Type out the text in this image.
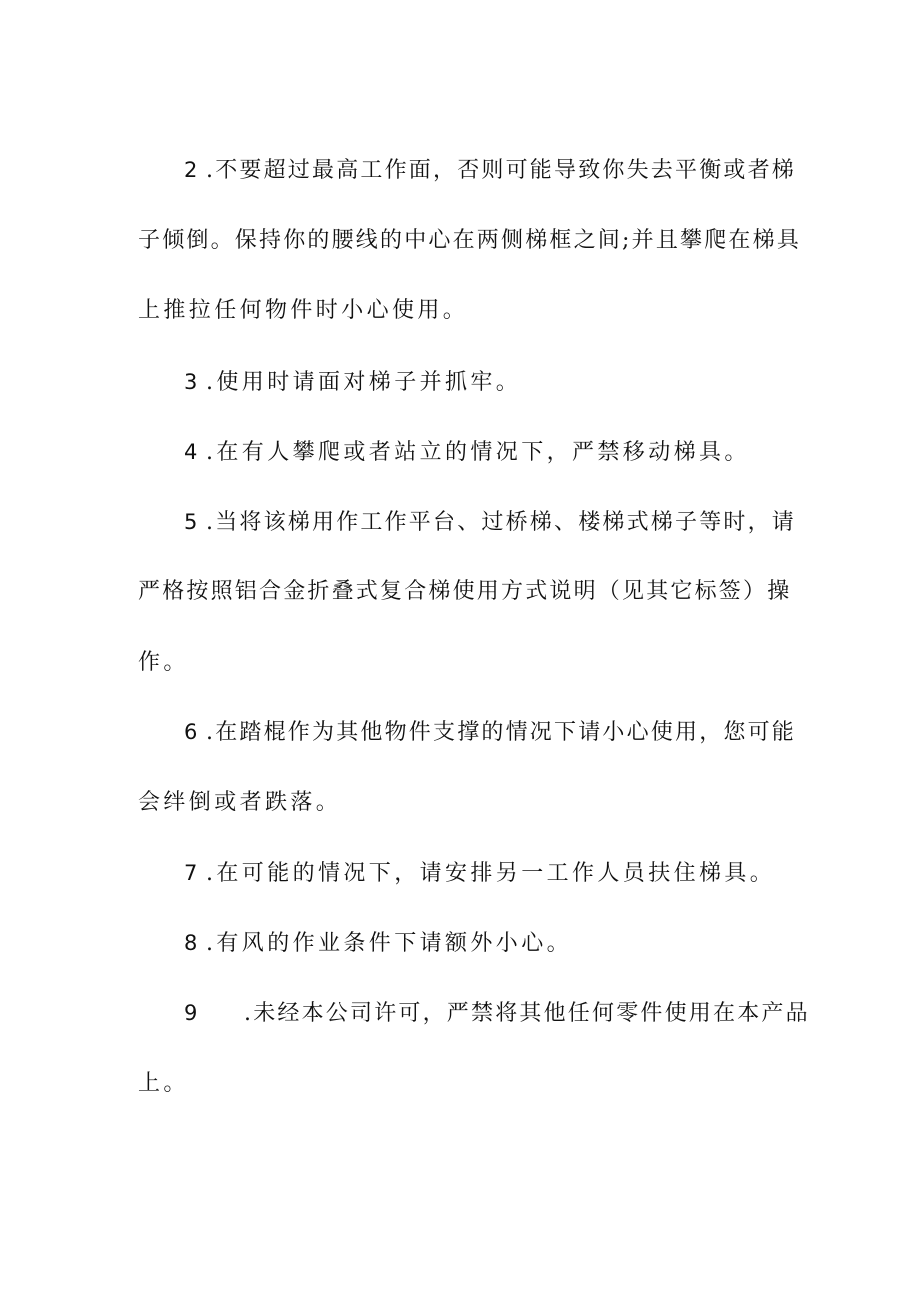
2 .不要超过最高工作面，否则可能导致你失去平衡或者梯
子倾倒。保持你的腰线的中心在两侧梯框之间;并且攀爬在梯具
上推拉任何物件时小心使用。
3 .使用时请面对梯子并抓牢。
4 .在有人攀爬或者站立的情况下，严禁移动梯具。
5 .当将该梯用作工作平台、过桥梯、楼梯式梯子等时，请
严格按照铝合金折叠式复合梯使用方式说明（见其它标签）操
作。
6 .在踏棍作为其他物件支撑的情况下请小心使用，您可能
会绊倒或者跌落。
7 .在可能的情况下，请安排另一工作人员扶住梯具。
8 .有风的作业条件下请额外小心。
9 .未经本公司许可，严禁将其他任何零件使用在本产品
上。
